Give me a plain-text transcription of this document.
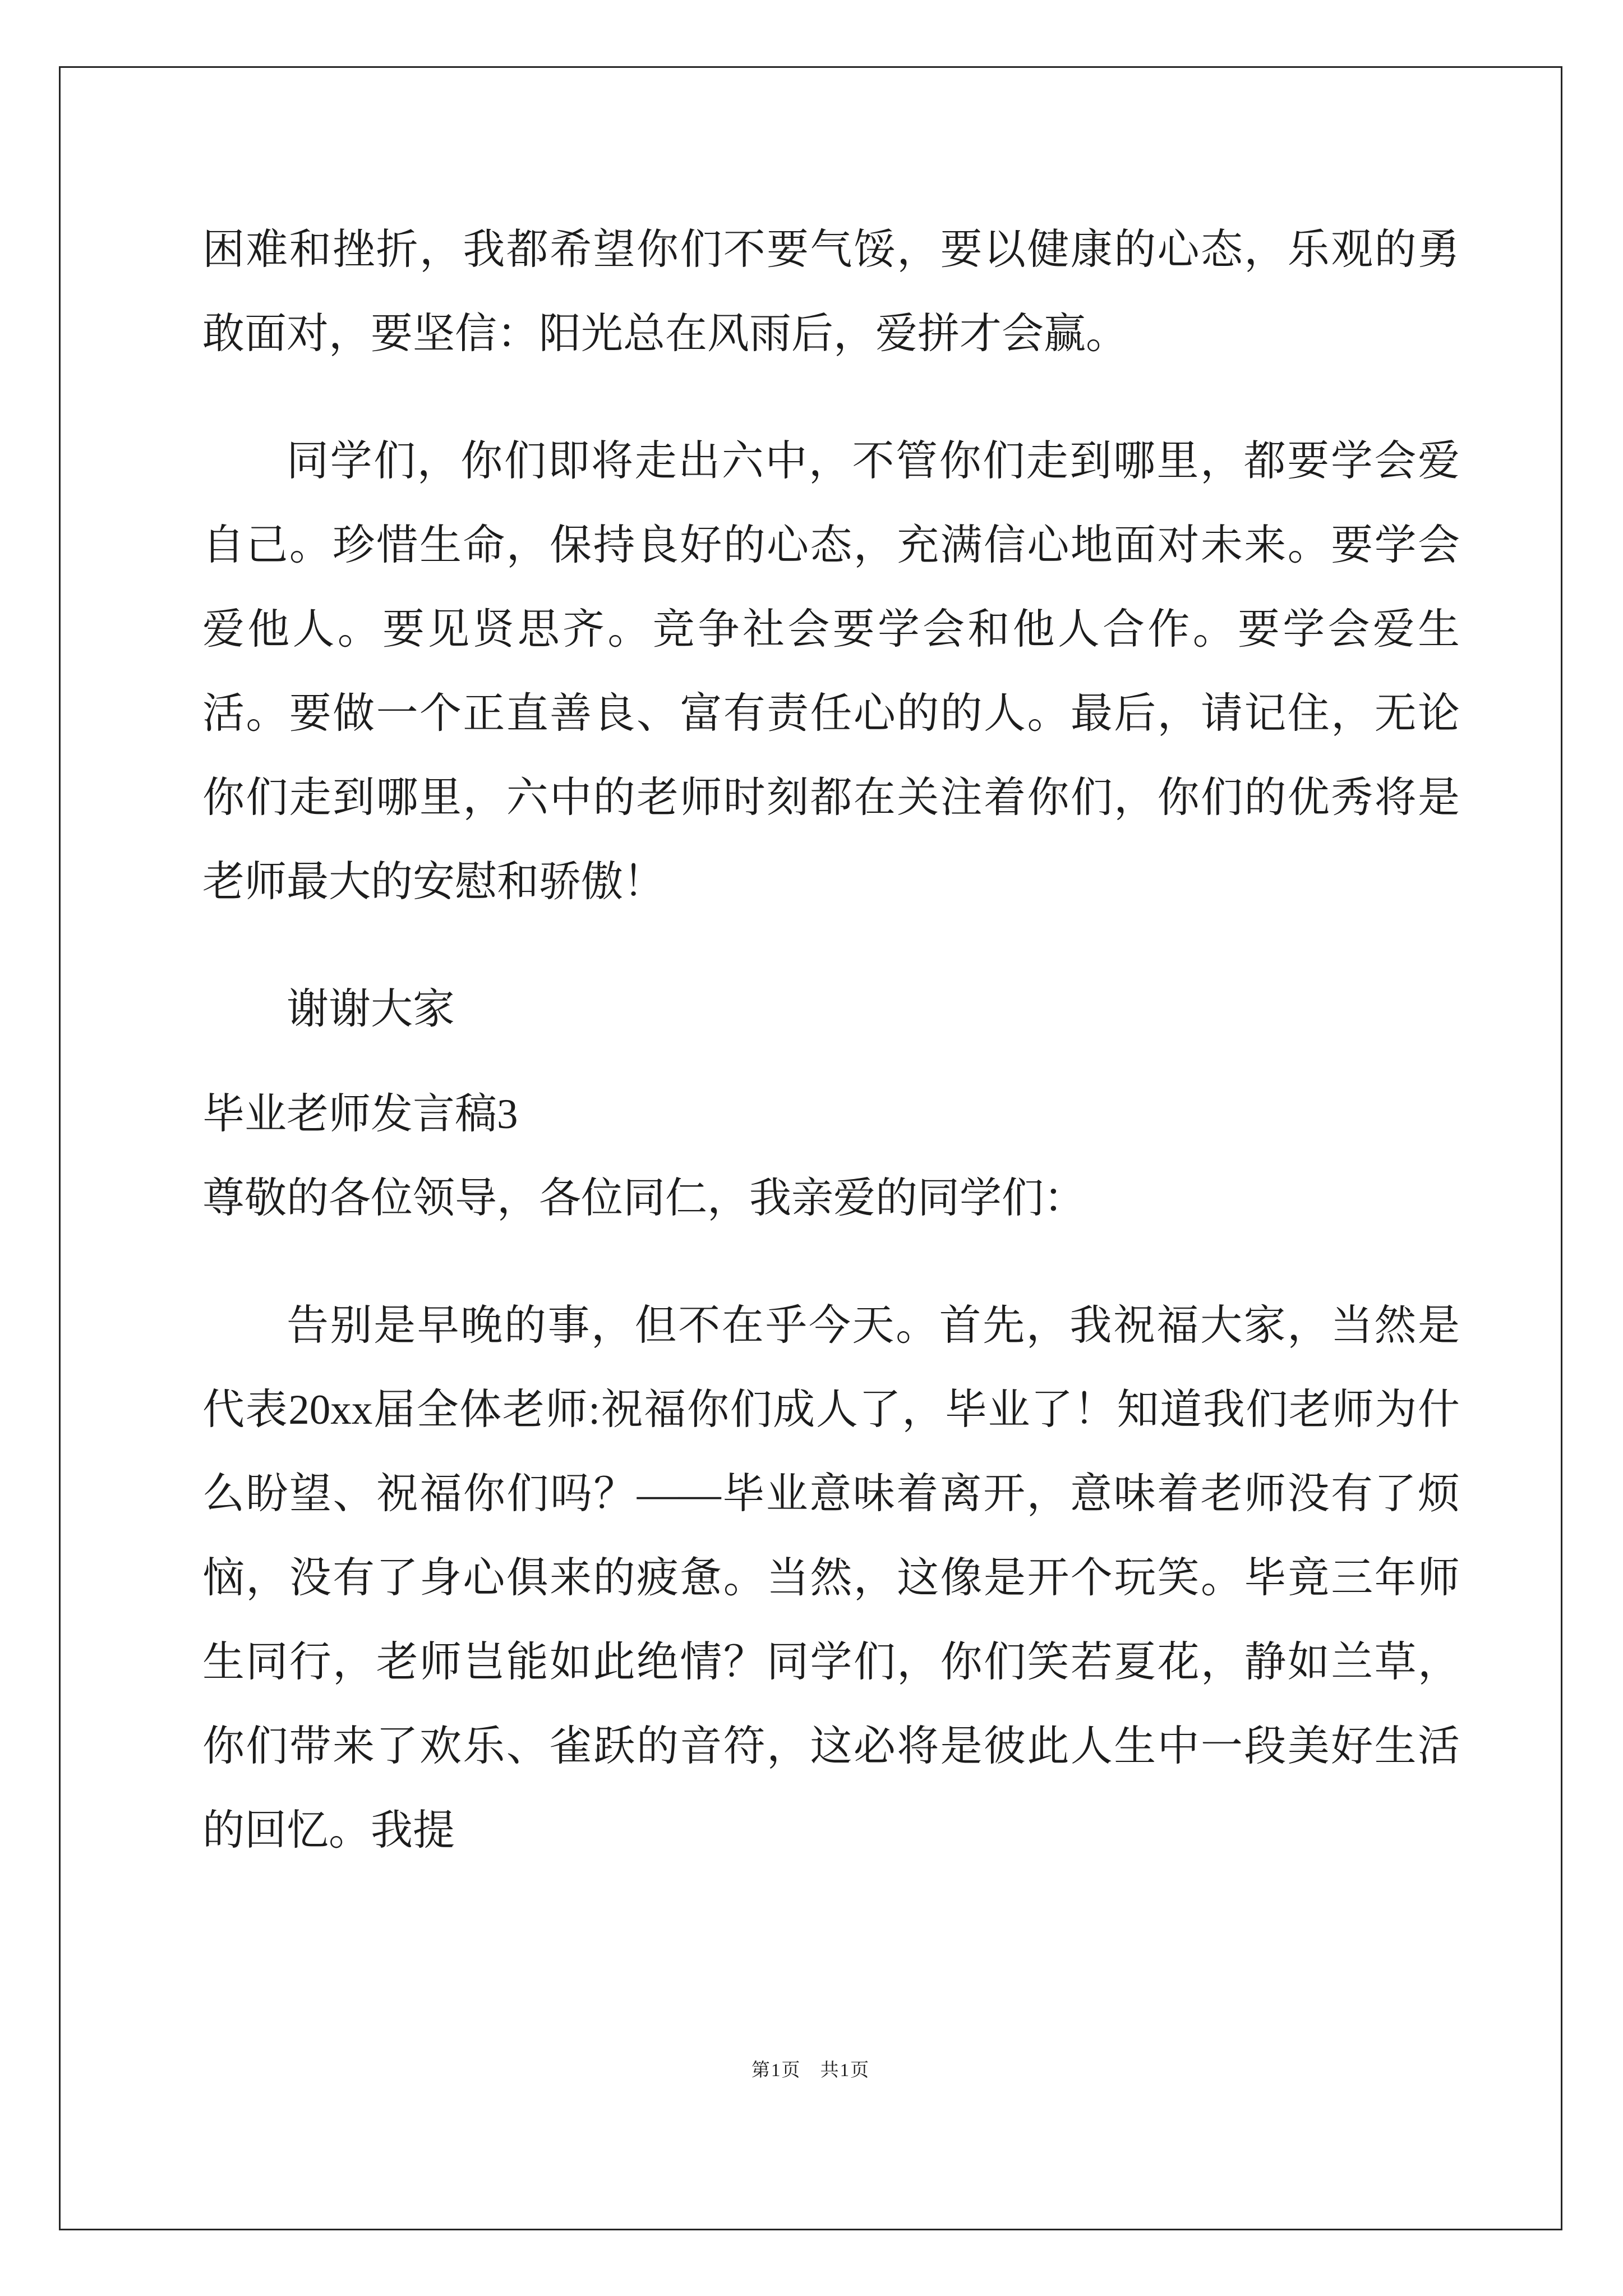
困难和挫折，我都希望你们不要气馁，要以健康的心态，乐观的勇敢面对，要坚信：阳光总在风雨后，爱拼才会赢。

同学们，你们即将走出六中，不管你们走到哪里，都要学会爱自己。珍惜生命，保持良好的心态，充满信心地面对未来。要学会爱他人。要见贤思齐。竞争社会要学会和他人合作。要学会爱生活。要做一个正直善良、富有责任心的的人。最后，请记住，无论你们走到哪里，六中的老师时刻都在关注着你们，你们的优秀将是老师最大的安慰和骄傲！

谢谢大家

毕业老师发言稿3

尊敬的各位领导，各位同仁，我亲爱的同学们：

告别是早晚的事，但不在乎今天。首先，我祝福大家，当然是代表20xx届全体老师:祝福你们成人了，毕业了！知道我们老师为什么盼望、祝福你们吗？——毕业意味着离开，意味着老师没有了烦恼，没有了身心俱来的疲惫。当然，这像是开个玩笑。毕竟三年师生同行，老师岂能如此绝情？同学们，你们笑若夏花，静如兰草，你们带来了欢乐、雀跃的音符，这必将是彼此人生中一段美好生活的回忆。我提

第1页 共1页
